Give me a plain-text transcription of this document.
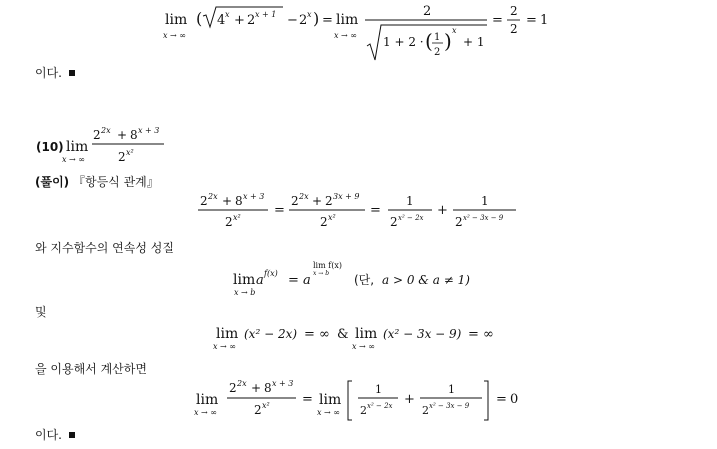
lim
x → ∞
( 4 x + 2 x + 1 − 2 x ) = lim
x → ∞
2
1 + 2 · ( 1
2 ) x
+ 1
=
2
2
= 1
이다.
(10) lim
x → ∞
2 2x + 8 x + 3
2 x²
(풀이) 『항등식 관계』
2 2x + 8 x + 3
2 x²	=
2 2x + 2 3x + 9
2 x²	=
1
2 x² − 2x +
1
2 x² − 3x − 9
와 지수함수의 연속성 성질
lim
x → b
a f(x) = a
lim f(x)
x → b (단, a > 0 & a ≠ 1)
및
lim
x → ∞
(x² − 2x) = ∞ & lim
x → ∞
(x² − 3x − 9) = ∞
을 이용해서 계산하면
lim
x → ∞
2 2x + 8 x + 3
2 x² = lim
x → ∞
1
2 x² − 2x +
1
2 x² − 3x − 9 = 0
이다.
